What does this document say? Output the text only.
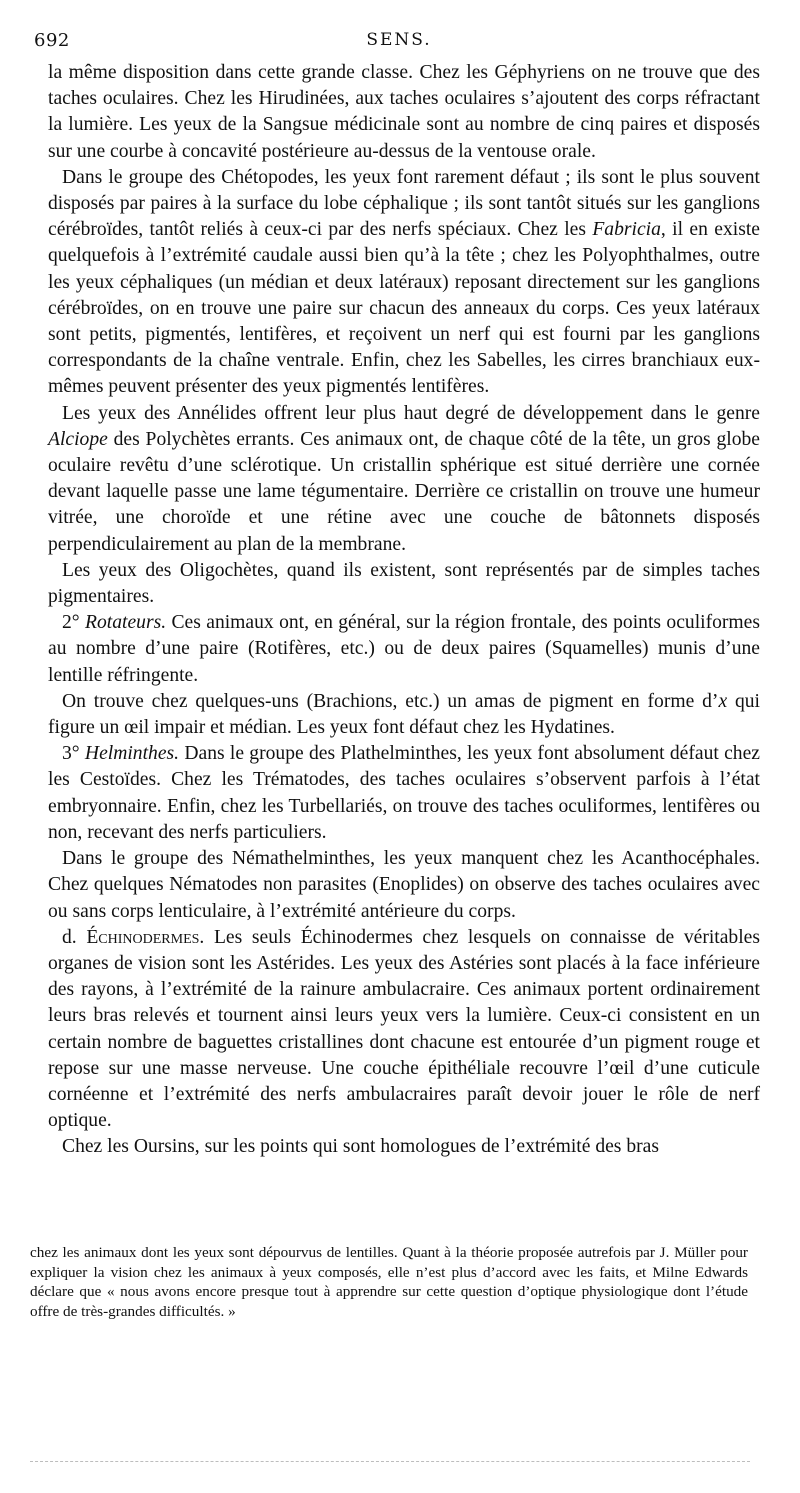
692	SENS.

la même disposition dans cette grande classe. Chez les Géphyriens on ne trouve que des taches oculaires. Chez les Hirudinées, aux taches oculaires s’ajoutent des corps réfractant la lumière. Les yeux de la Sangsue médicinale sont au nombre de cinq paires et disposés sur une courbe à concavité postérieure au-dessus de la ventouse orale.

Dans le groupe des Chétopodes, les yeux font rarement défaut ; ils sont le plus souvent disposés par paires à la surface du lobe céphalique ; ils sont tantôt situés sur les ganglions cérébroïdes, tantôt reliés à ceux-ci par des nerfs spéciaux. Chez les Fabricia, il en existe quelquefois à l’extrémité caudale aussi bien qu’à la tête ; chez les Polyophthalmes, outre les yeux céphaliques (un médian et deux latéraux) reposant directement sur les ganglions cérébroïdes, on en trouve une paire sur chacun des anneaux du corps. Ces yeux latéraux sont petits, pigmentés, lentifères, et reçoivent un nerf qui est fourni par les ganglions correspondants de la chaîne ventrale. Enfin, chez les Sabelles, les cirres branchiaux eux-mêmes peuvent présenter des yeux pigmentés lentifères.

Les yeux des Annélides offrent leur plus haut degré de développement dans le genre Alciope des Polychètes errants. Ces animaux ont, de chaque côté de la tête, un gros globe oculaire revêtu d’une sclérotique. Un cristallin sphérique est situé derrière une cornée devant laquelle passe une lame tégumentaire. Derrière ce cristallin on trouve une humeur vitrée, une choroïde et une rétine avec une couche de bâtonnets disposés perpendiculairement au plan de la membrane.

Les yeux des Oligochètes, quand ils existent, sont représentés par de simples taches pigmentaires.

2° Rotateurs. Ces animaux ont, en général, sur la région frontale, des points oculiformes au nombre d’une paire (Rotifères, etc.) ou de deux paires (Squamelles) munis d’une lentille réfringente.

On trouve chez quelques-uns (Brachions, etc.) un amas de pigment en forme d’x qui figure un œil impair et médian. Les yeux font défaut chez les Hydatines.

3° Helminthes. Dans le groupe des Plathelminthes, les yeux font absolument défaut chez les Cestoïdes. Chez les Trématodes, des taches oculaires s’observent parfois à l’état embryonnaire. Enfin, chez les Turbellariés, on trouve des taches oculiformes, lentifères ou non, recevant des nerfs particuliers.

Dans le groupe des Némathelminthes, les yeux manquent chez les Acanthocéphales. Chez quelques Nématodes non parasites (Enoplides) on observe des taches oculaires avec ou sans corps lenticulaire, à l’extrémité antérieure du corps.

d. Échinodermes. Les seuls Échinodermes chez lesquels on connaisse de véritables organes de vision sont les Astérides. Les yeux des Astéries sont placés à la face inférieure des rayons, à l’extrémité de la rainure ambulacraire. Ces animaux portent ordinairement leurs bras relevés et tournent ainsi leurs yeux vers la lumière. Ceux-ci consistent en un certain nombre de baguettes cristallines dont chacune est entourée d’un pigment rouge et repose sur une masse nerveuse. Une couche épithéliale recouvre l’œil d’une cuticule cornéenne et l’extrémité des nerfs ambulacraires paraît devoir jouer le rôle de nerf optique.

Chez les Oursins, sur les points qui sont homologues de l’extrémité des bras

chez les animaux dont les yeux sont dépourvus de lentilles. Quant à la théorie proposée autrefois par J. Müller pour expliquer la vision chez les animaux à yeux composés, elle n’est plus d’accord avec les faits, et Milne Edwards déclare que « nous avons encore presque tout à apprendre sur cette question d’optique physiologique dont l’étude offre de très-grandes difficultés. »
